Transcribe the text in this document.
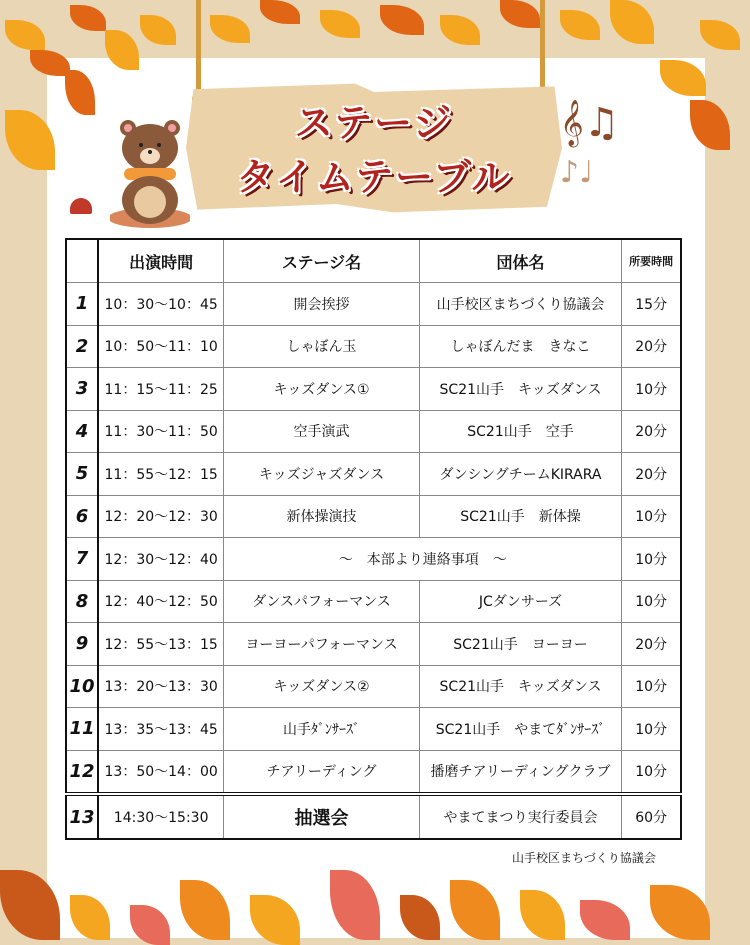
ステージ
タイムテーブル
𝄞♫
♪♩
	出演時間	ステージ名	団体名	所要時間
1	10：30〜10：45	開会挨拶	山手校区まちづくり協議会	15分
2	10：50〜11：10	しゃぼん玉	しゃぼんだま　きなこ	20分
3	11：15〜11：25	キッズダンス①	SC21山手　キッズダンス	10分
4	11：30〜11：50	空手演武	SC21山手　空手	20分
5	11：55〜12：15	キッズジャズダンス	ダンシングチームKIRARA	20分
6	12：20〜12：30	新体操演技	SC21山手　新体操	10分
7	12：30〜12：40	〜　本部より連絡事項　〜		10分
8	12：40〜12：50	ダンスパフォーマンス	JCダンサーズ	10分
9	12：55〜13：15	ヨーヨーパフォーマンス	SC21山手　ヨーヨー	20分
10	13：20〜13：30	キッズダンス②	SC21山手　キッズダンス	10分
11	13：35〜13：45	山手ﾀﾞﾝｻｰｽﾞ	SC21山手　やまてﾀﾞﾝｻｰｽﾞ	10分
12	13：50〜14：00	チアリーディング	播磨チアリーディングクラブ	10分
13	14:30〜15:30	抽選会	やまてまつり実行委員会	60分
山手校区まちづくり協議会
